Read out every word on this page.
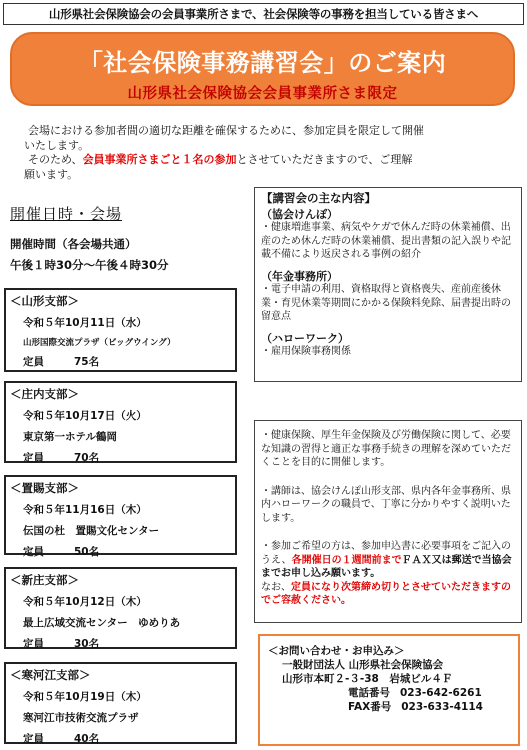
山形県社会保険協会の会員事業所さまで、社会保険等の事務を担当している皆さまへ
「社会保険事務講習会」のご案内
山形県社会保険協会会員事業所さま限定

会場における参加者間の適切な距離を確保するために、参加定員を限定して開催

いたします。

そのため、会員事業所さまごと１名の参加とさせていただきますので、ご理解

願います。

開催日時・会場
開催時間（各会場共通）
午後１時30分～午後４時30分
＜山形支部＞
令和５年10月11日（水）
山形国際交流プラザ（ビッグウイング）
定員	75名
＜庄内支部＞
令和５年10月17日（火）
東京第一ホテル鶴岡
定員	70名
＜置賜支部＞
令和５年11月16日（木）
伝国の杜　置賜文化センター
定員	50名
＜新庄支部＞
令和５年10月12日（木）
最上広域交流センター　ゆめりあ
定員	30名
＜寒河江支部＞
令和５年10月19日（木）
寒河江市技術交流プラザ
定員	40名
【講習会の主な内容】
（協会けんぽ）
・健康増進事業、病気やケガで休んだ時の休業補償、出産のため休んだ時の休業補償、提出書類の記入誤りや記載不備により返戻される事例の紹介
（年金事務所）
・電子申請の利用、資格取得と資格喪失、産前産後休業・育児休業等期間にかかる保険料免除、届書提出時の留意点
（ハローワーク）
・雇用保険事務関係

・健康保険、厚生年金保険及び労働保険に関して、必要な知識の習得と適正な事務手続きの理解を深めていただくことを目的に開催します。

・講師は、協会けんぽ山形支部、県内各年金事務所、県内ハローワークの職員で、丁寧に分かりやすく説明いたします。

・参加ご希望の方は、参加申込書に必要事項をご記入のうえ、各開催日の１週間前までＦＡＸ又は郵送で当協会までお申し込み願います。
なお、定員になり次第締め切りとさせていただきますのでご容赦ください。

＜お問い合わせ・お申込み＞
一般財団法人 山形県社会保険協会
山形市本町２-３-38　岩城ビル４Ｆ
電話番号 023-642-6261
FAX番号 023-633-4114
